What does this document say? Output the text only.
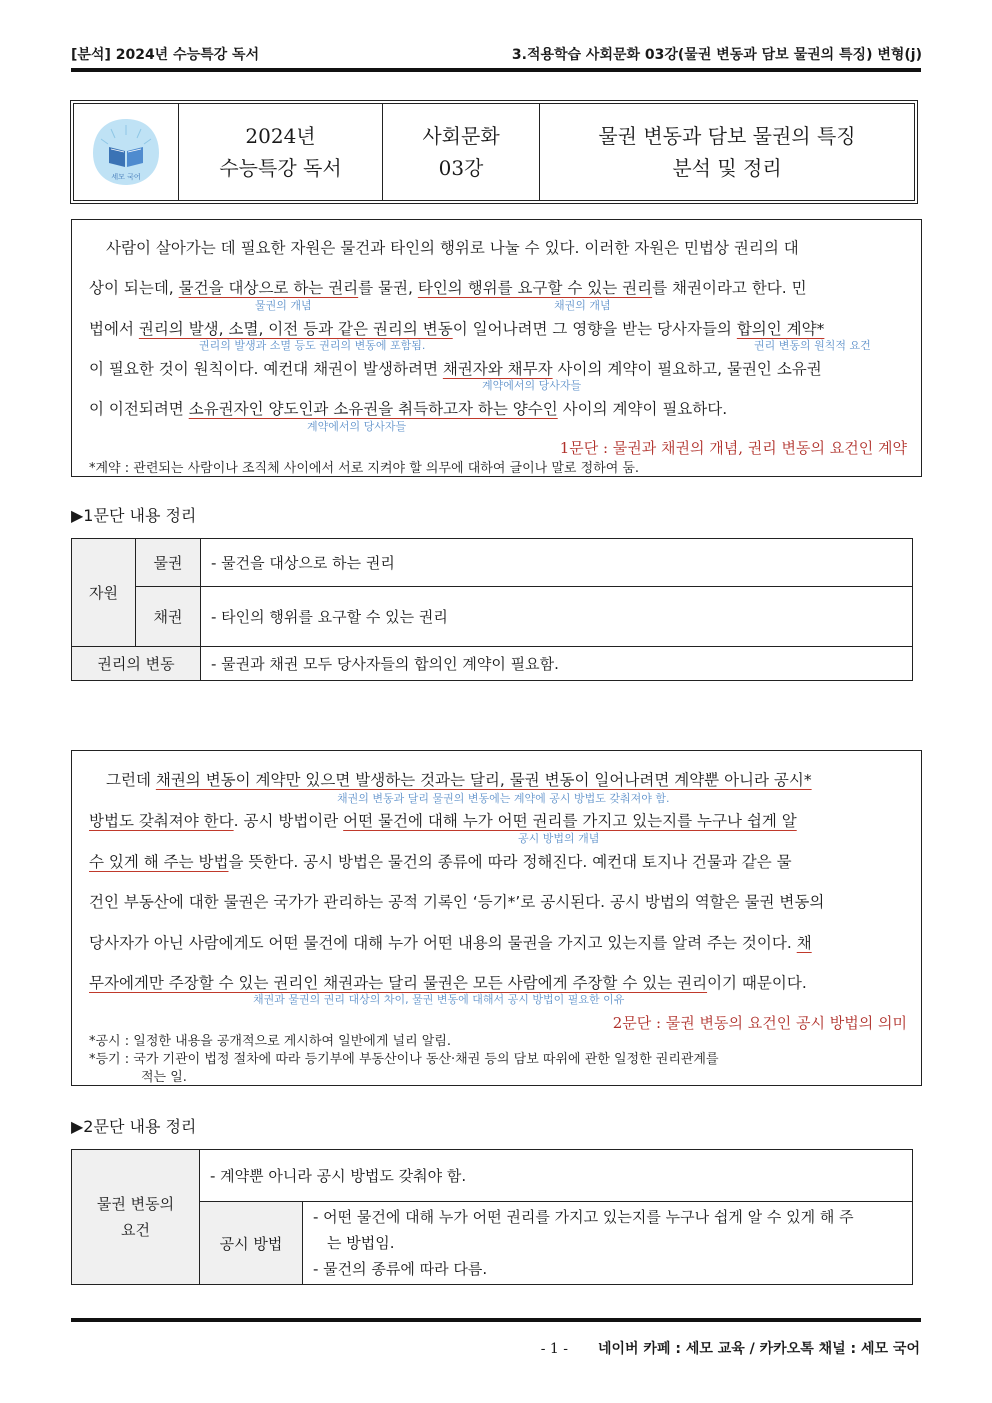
[분석] 2024년 수능특강 독서	3.적용학습 사회문화 03강(물권 변동과 담보 물권의 특징) 변형(j)
세모 국어
2024년
수능특강 독서
사회문화
03강
물권 변동과 담보 물권의 특징
분석 및 정리
사람이 살아가는 데 필요한 자원은 물건과 타인의 행위로 나눌 수 있다. 이러한 자원은 민법상 권리의 대
상이 되는데, 물건을 대상으로 하는 권리를 물권, 타인의 행위를 요구할 수 있는 권리를 채권이라고 한다. 민
물권의 개념	채권의 개념
법에서 권리의 발생, 소멸, 이전 등과 같은 권리의 변동이 일어나려면 그 영향을 받는 당사자들의 합의인 계약*
권리의 발생과 소멸 등도 권리의 변동에 포함됨.	권리 변동의 원칙적 요건
이 필요한 것이 원칙이다. 예컨대 채권이 발생하려면 채권자와 채무자 사이의 계약이 필요하고, 물권인 소유권
계약에서의 당사자들
이 이전되려면 소유권자인 양도인과 소유권을 취득하고자 하는 양수인 사이의 계약이 필요하다.
계약에서의 당사자들
1문단 : 물권과 채권의 개념, 권리 변동의 요건인 계약
*계약 : 관련되는 사람이나 조직체 사이에서 서로 지켜야 할 의무에 대하여 글이나 말로 정하여 둠.
▶1문단 내용 정리
자원	물권	- 물건을 대상으로 하는 권리
	채권	- 타인의 행위를 요구할 수 있는 권리
권리의 변동		- 물권과 채권 모두 당사자들의 합의인 계약이 필요함.
그런데 채권의 변동이 계약만 있으면 발생하는 것과는 달리, 물권 변동이 일어나려면 계약뿐 아니라 공시*
채권의 변동과 달리 물권의 변동에는 계약에 공시 방법도 갖춰져야 함.
방법도 갖춰져야 한다. 공시 방법이란 어떤 물건에 대해 누가 어떤 권리를 가지고 있는지를 누구나 쉽게 알
공시 방법의 개념
수 있게 해 주는 방법을 뜻한다. 공시 방법은 물건의 종류에 따라 정해진다. 예컨대 토지나 건물과 같은 물
건인 부동산에 대한 물권은 국가가 관리하는 공적 기록인 ‘등기*’로 공시된다. 공시 방법의 역할은 물권 변동의
당사자가 아닌 사람에게도 어떤 물건에 대해 누가 어떤 내용의 물권을 가지고 있는지를 알려 주는 것이다. 채
무자에게만 주장할 수 있는 권리인 채권과는 달리 물권은 모든 사람에게 주장할 수 있는 권리이기 때문이다.
채권과 물권의 권리 대상의 차이, 물권 변동에 대해서 공시 방법이 필요한 이유
2문단 : 물권 변동의 요건인 공시 방법의 의미
*공시 : 일정한 내용을 공개적으로 게시하여 일반에게 널리 알림.
*등기 : 국가 기관이 법정 절차에 따라 등기부에 부동산이나 동산·채권 등의 담보 따위에 관한 일정한 권리관계를
적는 일.
▶2문단 내용 정리
물권 변동의
요건	- 계약뿐 아니라 공시 방법도 갖춰야 함.	
	공시 방법	- 어떤 물건에 대해 누가 어떤 권리를 가지고 있는지를 누구나 쉽게 알 수 있게 해 주
는 방법임.
- 물건의 종류에 따라 다름.
- 1 - 네이버 카페 : 세모 교육 / 카카오톡 채널 : 세모 국어
